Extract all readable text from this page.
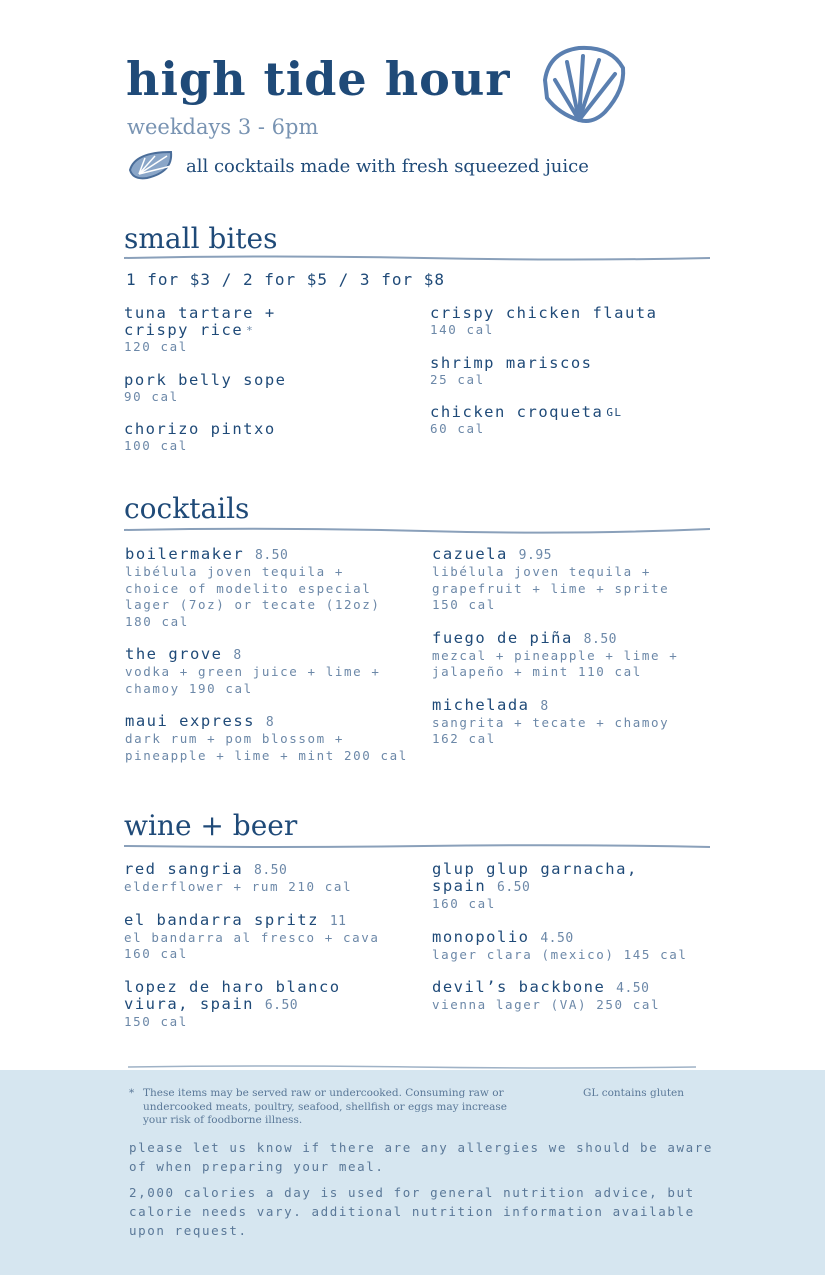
high tide hour
weekdays 3 - 6pm
all cocktails made with fresh squeezed juice
small bites
1 for $3 / 2 for $5 / 3 for $8
tuna tartare +
crispy rice *
120 cal
pork belly sope
90 cal
chorizo pintxo
100 cal
crispy chicken flauta
140 cal
shrimp mariscos
25 cal
chicken croqueta $^{GL}$
60 cal
cocktails
boilermaker 8.50
libélula joven tequila +
choice of modelito especial
lager (7oz) or tecate (12oz)
180 cal
the grove 8
vodka + green juice + lime +
chamoy 190 cal
maui express 8
dark rum + pom blossom +
pineapple + lime + mint 200 cal
cazuela 9.95
libélula joven tequila +
grapefruit + lime + sprite
150 cal
fuego de piña 8.50
mezcal + pineapple + lime +
jalapeño + mint 110 cal
michelada 8
sangrita + tecate + chamoy
162 cal
wine + beer
red sangria 8.50
elderflower + rum 210 cal
el bandarra spritz 11
el bandarra al fresco + cava
160 cal
lopez de haro blanco
viura, spain 6.50
150 cal
glup glup garnacha,
spain 6.50
160 cal
monopolio 4.50
lager clara (mexico) 145 cal
devil’s backbone 4.50
vienna lager (VA) 250 cal
* These items may be served raw or undercooked. Consuming raw or
undercooked meats, poultry, seafood, shellfish or eggs may increase
your risk of foodborne illness.
GL contains gluten
please let us know if there are any allergies we should be aware
of when preparing your meal.
2,000 calories a day is used for general nutrition advice, but
calorie needs vary. additional nutrition information available
upon request.
